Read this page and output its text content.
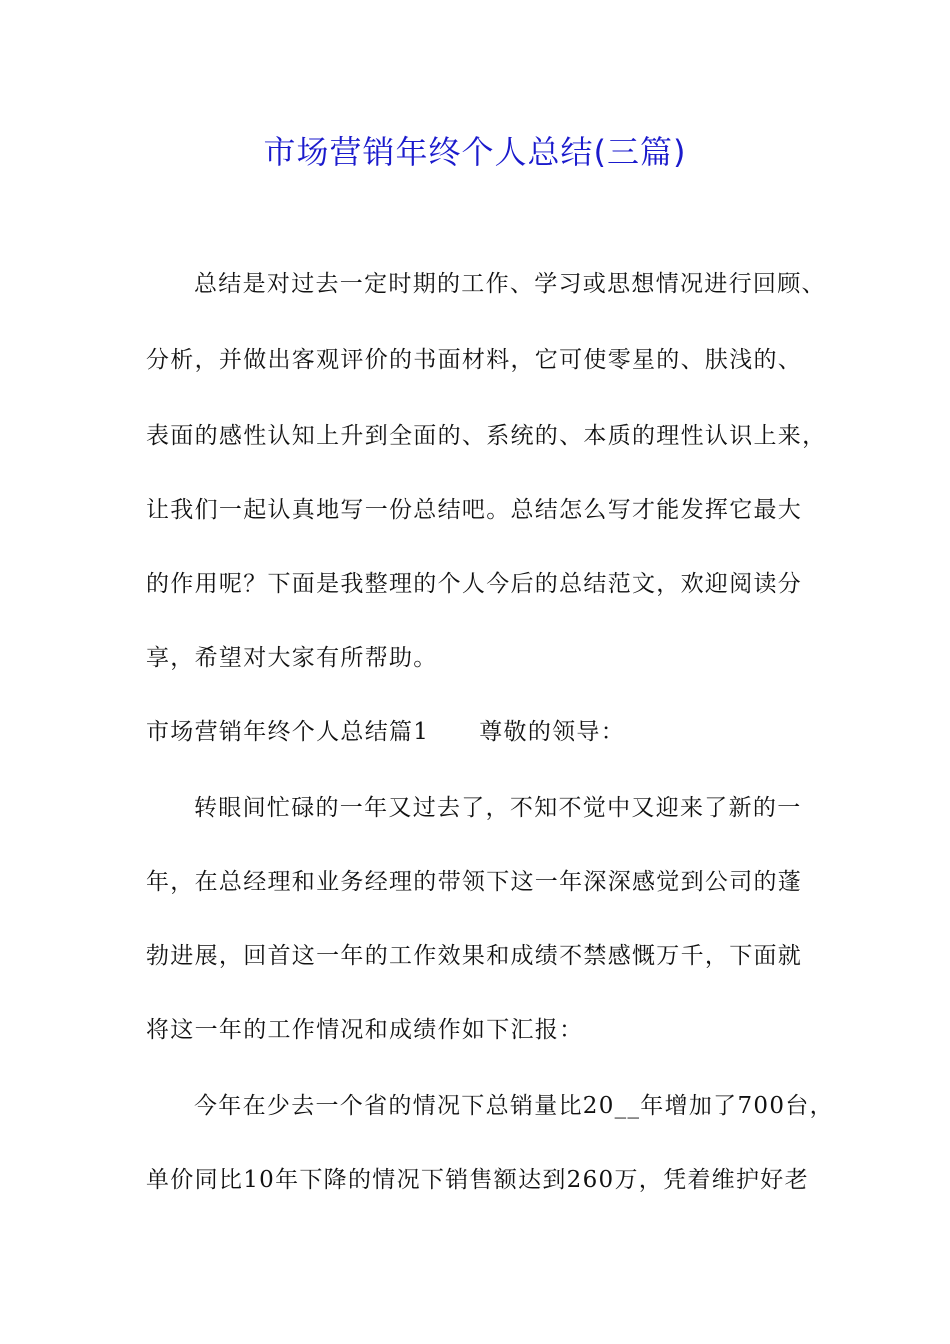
市场营销年终个人总结(三篇)
总结是对过去一定时期的工作、学习或思想情况进行回顾、
分析，并做出客观评价的书面材料，它可使零星的、肤浅的、
表面的感性认知上升到全面的、系统的、本质的理性认识上来，
让我们一起认真地写一份总结吧。总结怎么写才能发挥它最大
的作用呢？下面是我整理的个人今后的总结范文，欢迎阅读分
享，希望对大家有所帮助。
市场营销年终个人总结篇1 尊敬的领导：
转眼间忙碌的一年又过去了，不知不觉中又迎来了新的一
年，在总经理和业务经理的带领下这一年深深感觉到公司的蓬
勃进展，回首这一年的工作效果和成绩不禁感慨万千，下面就
将这一年的工作情况和成绩作如下汇报：
今年在少去一个省的情况下总销量比20__年增加了700台，
单价同比10年下降的情况下销售额达到260万，凭着维护好老
